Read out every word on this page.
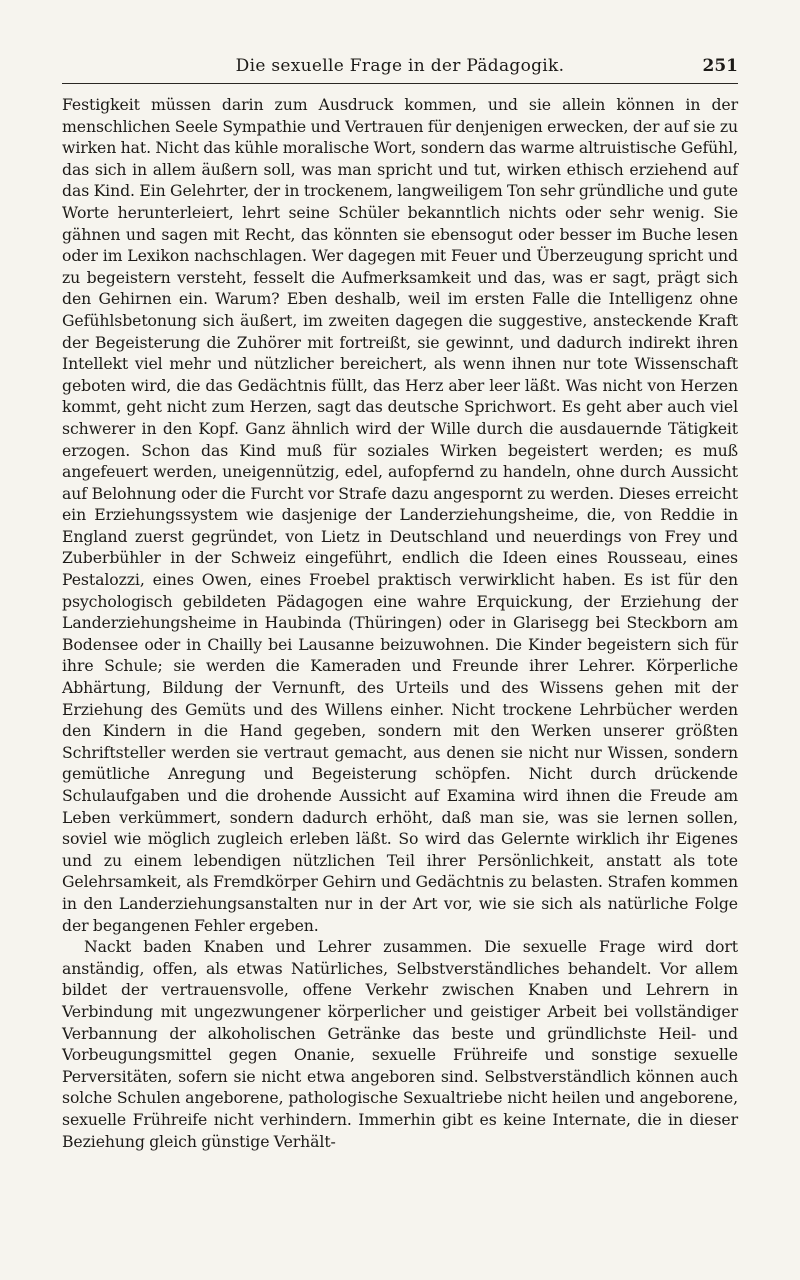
Die sexuelle Frage in der Pädagogik.	251

Festigkeit müssen darin zum Ausdruck kommen, und sie allein können in der menschlichen Seele Sympathie und Vertrauen für denjenigen erwecken, der auf sie zu wirken hat. Nicht das kühle moralische Wort, sondern das warme altruistische Gefühl, das sich in allem äußern soll, was man spricht und tut, wirken ethisch erziehend auf das Kind. Ein Gelehrter, der in trockenem, langweiligem Ton sehr gründliche und gute Worte herunterleiert, lehrt seine Schüler bekanntlich nichts oder sehr wenig. Sie gähnen und sagen mit Recht, das könnten sie ebensogut oder besser im Buche lesen oder im Lexikon nachschlagen. Wer dagegen mit Feuer und Überzeugung spricht und zu begeistern versteht, fesselt die Aufmerksamkeit und das, was er sagt, prägt sich den Gehirnen ein. Warum? Eben deshalb, weil im ersten Falle die Intelligenz ohne Gefühlsbetonung sich äußert, im zweiten dagegen die suggestive, ansteckende Kraft der Begeisterung die Zuhörer mit fortreißt, sie gewinnt, und dadurch indirekt ihren Intellekt viel mehr und nützlicher bereichert, als wenn ihnen nur tote Wissenschaft geboten wird, die das Gedächtnis füllt, das Herz aber leer läßt. Was nicht von Herzen kommt, geht nicht zum Herzen, sagt das deutsche Sprichwort. Es geht aber auch viel schwerer in den Kopf. Ganz ähnlich wird der Wille durch die ausdauernde Tätigkeit erzogen. Schon das Kind muß für soziales Wirken begeistert werden; es muß angefeuert werden, uneigennützig, edel, aufopfernd zu handeln, ohne durch Aussicht auf Belohnung oder die Furcht vor Strafe dazu angespornt zu werden. Dieses erreicht ein Erziehungssystem wie dasjenige der Landerziehungsheime, die, von Reddie in England zuerst gegründet, von Lietz in Deutschland und neuerdings von Frey und Zuberbühler in der Schweiz eingeführt, endlich die Ideen eines Rousseau, eines Pestalozzi, eines Owen, eines Froebel praktisch verwirklicht haben. Es ist für den psychologisch gebildeten Pädagogen eine wahre Erquickung, der Erziehung der Landerziehungsheime in Haubinda (Thüringen) oder in Glarisegg bei Steckborn am Bodensee oder in Chailly bei Lausanne beizuwohnen. Die Kinder begeistern sich für ihre Schule; sie werden die Kameraden und Freunde ihrer Lehrer. Körperliche Abhärtung, Bildung der Vernunft, des Urteils und des Wissens gehen mit der Erziehung des Gemüts und des Willens einher. Nicht trockene Lehrbücher werden den Kindern in die Hand gegeben, sondern mit den Werken unserer größten Schriftsteller werden sie vertraut gemacht, aus denen sie nicht nur Wissen, sondern gemütliche Anregung und Begeisterung schöpfen. Nicht durch drückende Schulaufgaben und die drohende Aussicht auf Examina wird ihnen die Freude am Leben verkümmert, sondern dadurch erhöht, daß man sie, was sie lernen sollen, soviel wie möglich zugleich erleben läßt. So wird das Gelernte wirklich ihr Eigenes und zu einem lebendigen nützlichen Teil ihrer Persönlichkeit, anstatt als tote Gelehrsamkeit, als Fremdkörper Gehirn und Gedächtnis zu belasten. Strafen kommen in den Landerziehungsanstalten nur in der Art vor, wie sie sich als natürliche Folge der begangenen Fehler ergeben.

Nackt baden Knaben und Lehrer zusammen. Die sexuelle Frage wird dort anständig, offen, als etwas Natürliches, Selbstverständliches behandelt. Vor allem bildet der vertrauensvolle, offene Verkehr zwischen Knaben und Lehrern in Verbindung mit ungezwungener körperlicher und geistiger Arbeit bei vollständiger Verbannung der alkoholischen Getränke das beste und gründlichste Heil- und Vorbeugungsmittel gegen Onanie, sexuelle Frühreife und sonstige sexuelle Perversitäten, sofern sie nicht etwa angeboren sind. Selbstverständlich können auch solche Schulen angeborene, pathologische Sexualtriebe nicht heilen und angeborene, sexuelle Frühreife nicht verhindern. Immerhin gibt es keine Internate, die in dieser Beziehung gleich günstige Verhält-
